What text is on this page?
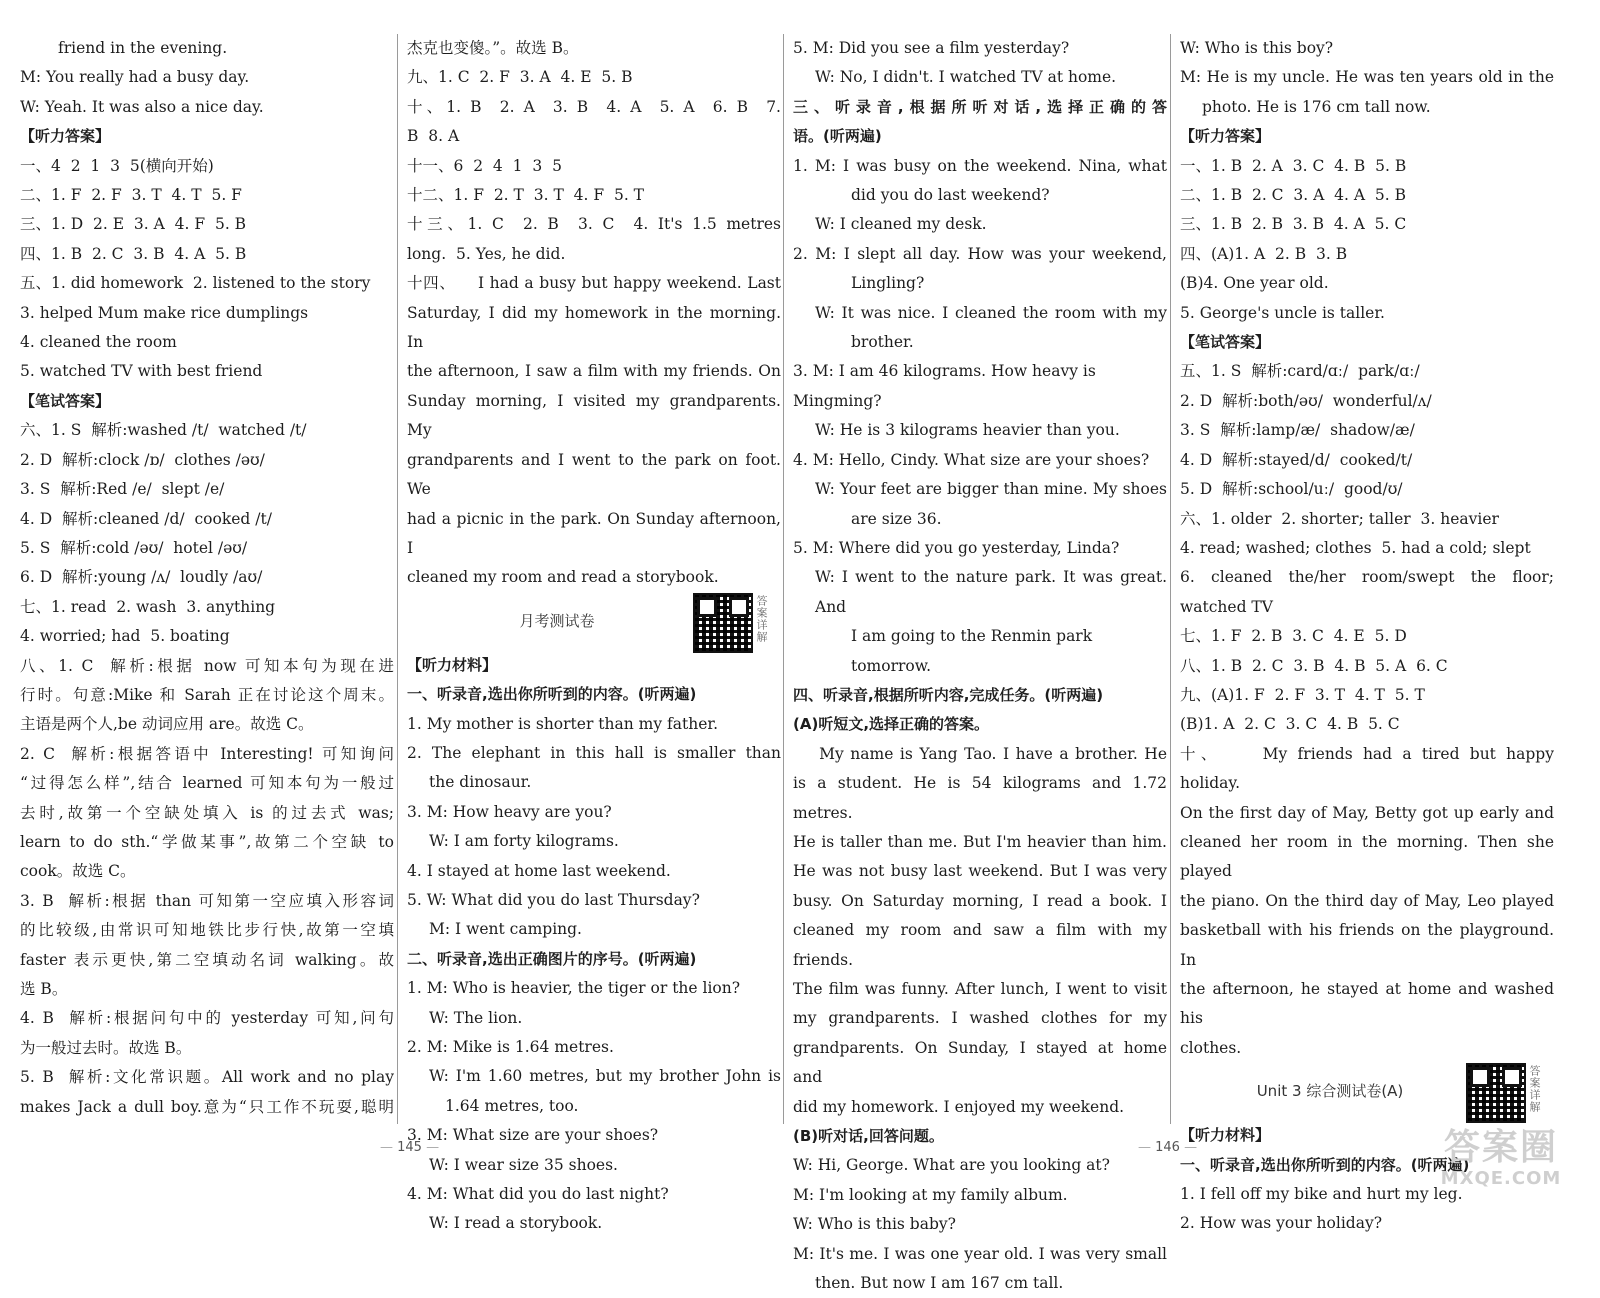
friend in the evening.
M: You really had a busy day.
W: Yeah. It was also a nice day.
【听力答案】
一、4  2  1  3  5(横向开始)
二、1. F  2. F  3. T  4. T  5. F
三、1. D  2. E  3. A  4. F  5. B
四、1. B  2. C  3. B  4. A  5. B
五、1. did homework  2. listened to the story
3. helped Mum make rice dumplings
4. cleaned the room
5. watched TV with best friend
【笔试答案】
六、1. S  解析:washed /t/  watched /t/
2. D  解析:clock /ɒ/  clothes /əʊ/
3. S  解析:Red /e/  slept /e/
4. D  解析:cleaned /d/  cooked /t/
5. S  解析:cold /əʊ/  hotel /əʊ/
6. D  解析:young /ʌ/  loudly /aʊ/
七、1. read  2. wash  3. anything
4. worried; had  5. boating
八、1. C  解析:根据 now 可知本句为现在进
行时。句意:Mike 和 Sarah 正在讨论这个周末。
主语是两个人,be 动词应用 are。故选 C。
2. C  解析:根据答语中 Interesting! 可知询问
“过得怎么样”,结合 learned 可知本句为一般过
去时,故第一个空缺处填入 is 的过去式 was;
learn to do sth.“学做某事”,故第二个空缺 to
cook。故选 C。
3. B  解析:根据 than 可知第一空应填入形容词
的比较级,由常识可知地铁比步行快,故第一空填
faster 表示更快,第二空填动名词 walking。故
选 B。
4. B  解析:根据问句中的 yesterday 可知,问句
为一般过去时。故选 B。
5. B  解析:文化常识题。All work and no play
makes Jack a dull boy.意为“只工作不玩耍,聪明
杰克也变傻。”。故选 B。
九、1. C  2. F  3. A  4. E  5. B
十、1. B  2. A  3. B  4. A  5. A  6. B  7.
B  8. A
十一、6  2  4  1  3  5
十二、1. F  2. T  3. T  4. F  5. T
十三、1. C  2. B  3. C  4. It's 1.5 metres
long.  5. Yes, he did.
十四、    I had a busy but happy weekend. Last
Saturday, I did my homework in the morning. In
the afternoon, I saw a film with my friends. On
Sunday morning, I visited my grandparents. My
grandparents and I went to the park on foot. We
had a picnic in the park. On Sunday afternoon, I
cleaned my room and read a storybook.
月考测试卷	答案详解
【听力材料】
一、听录音,选出你所听到的内容。(听两遍)
1. My mother is shorter than my father.
2. The elephant in this hall is smaller than
the dinosaur.
3. M: How heavy are you?
W: I am forty kilograms.
4. I stayed at home last weekend.
5. W: What did you do last Thursday?
M: I went camping.
二、听录音,选出正确图片的序号。(听两遍)
1. M: Who is heavier, the tiger or the lion?
W: The lion.
2. M: Mike is 1.64 metres.
W: I'm 1.60 metres, but my brother John is
1.64 metres, too.
3. M: What size are your shoes?
W: I wear size 35 shoes.
4. M: What did you do last night?
W: I read a storybook.
5. M: Did you see a film yesterday?
W: No, I didn't. I watched TV at home.
三、听录音,根据所听对话,选择正确的答
语。(听两遍)
1. M: I was busy on the weekend. Nina, what
did you do last weekend?
W: I cleaned my desk.
2. M: I slept all day. How was your weekend,
Lingling?
W: It was nice. I cleaned the room with my
brother.
3. M: I am 46 kilograms. How heavy is Mingming?
W: He is 3 kilograms heavier than you.
4. M: Hello, Cindy. What size are your shoes?
W: Your feet are bigger than mine. My shoes
are size 36.
5. M: Where did you go yesterday, Linda?
W: I went to the nature park. It was great. And
I am going to the Renmin park tomorrow.
四、听录音,根据所听内容,完成任务。(听两遍)
(A)听短文,选择正确的答案。
My name is Yang Tao. I have a brother. He
is a student. He is 54 kilograms and 1.72 metres.
He is taller than me. But I'm heavier than him.
He was not busy last weekend. But I was very
busy. On Saturday morning, I read a book. I
cleaned my room and saw a film with my friends.
The film was funny. After lunch, I went to visit
my grandparents. I washed clothes for my
grandparents. On Sunday, I stayed at home and
did my homework. I enjoyed my weekend.
(B)听对话,回答问题。
W: Hi, George. What are you looking at?
M: I'm looking at my family album.
W: Who is this baby?
M: It's me. I was one year old. I was very small
then. But now I am 167 cm tall.
W: Who is this boy?
M: He is my uncle. He was ten years old in the
photo. He is 176 cm tall now.
【听力答案】
一、1. B  2. A  3. C  4. B  5. B
二、1. B  2. C  3. A  4. A  5. B
三、1. B  2. B  3. B  4. A  5. C
四、(A)1. A  2. B  3. B
(B)4. One year old.
5. George's uncle is taller.
【笔试答案】
五、1. S  解析:card/ɑː/  park/ɑː/
2. D  解析:both/əʊ/  wonderful/ʌ/
3. S  解析:lamp/æ/  shadow/æ/
4. D  解析:stayed/d/  cooked/t/
5. D  解析:school/uː/  good/ʊ/
六、1. older  2. shorter; taller  3. heavier
4. read; washed; clothes  5. had a cold; slept
6. cleaned the/her room/swept the floor;
watched TV
七、1. F  2. B  3. C  4. E  5. D
八、1. B  2. C  3. B  4. B  5. A  6. C
九、(A)1. F  2. F  3. T  4. T  5. T
(B)1. A  2. C  3. C  4. B  5. C
十、    My friends had a tired but happy holiday.
On the first day of May, Betty got up early and
cleaned her room in the morning. Then she played
the piano. On the third day of May, Leo played
basketball with his friends on the playground. In
the afternoon, he stayed at home and washed his
clothes.
Unit 3 综合测试卷(A)	答案详解
【听力材料】
一、听录音,选出你所听到的内容。(听两遍)
1. I fell off my bike and hurt my leg.
2. How was your holiday?
— 145 —	— 146 —	答案圈
MXQE.COM
